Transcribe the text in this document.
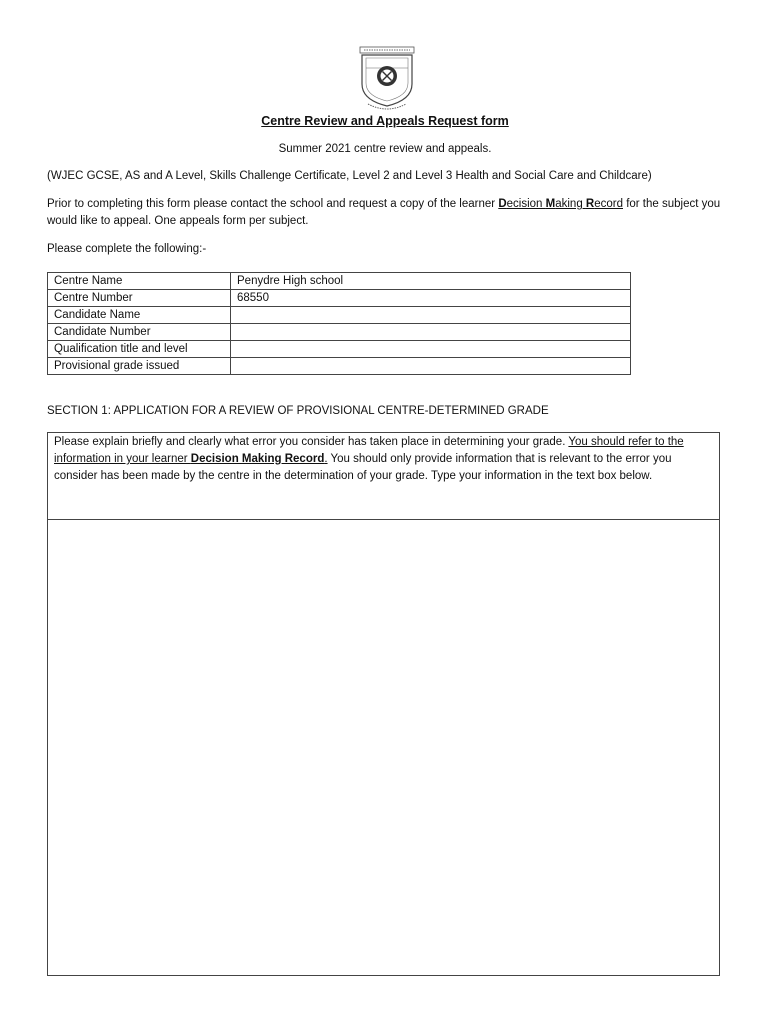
Centre Review and Appeals Request form
Summer 2021 centre review and appeals.
(WJEC GCSE, AS and A Level, Skills Challenge Certificate, Level 2 and Level 3 Health and Social Care and Childcare)
Prior to completing this form please contact the school and request a copy of the learner Decision Making Record for the subject you would like to appeal. One appeals form per subject.
Please complete the following:-
Centre Name	Penydre High school
Centre Number	68550
Candidate Name	
Candidate Number	
Qualification title and level	
Provisional grade issued	
SECTION 1: APPLICATION FOR A REVIEW OF PROVISIONAL CENTRE-DETERMINED GRADE
Please explain briefly and clearly what error you consider has taken place in determining your grade. You should refer to the information in your learner Decision Making Record. You should only provide information that is relevant to the error you consider has been made by the centre in the determination of your grade. Type your information in the text box below.
